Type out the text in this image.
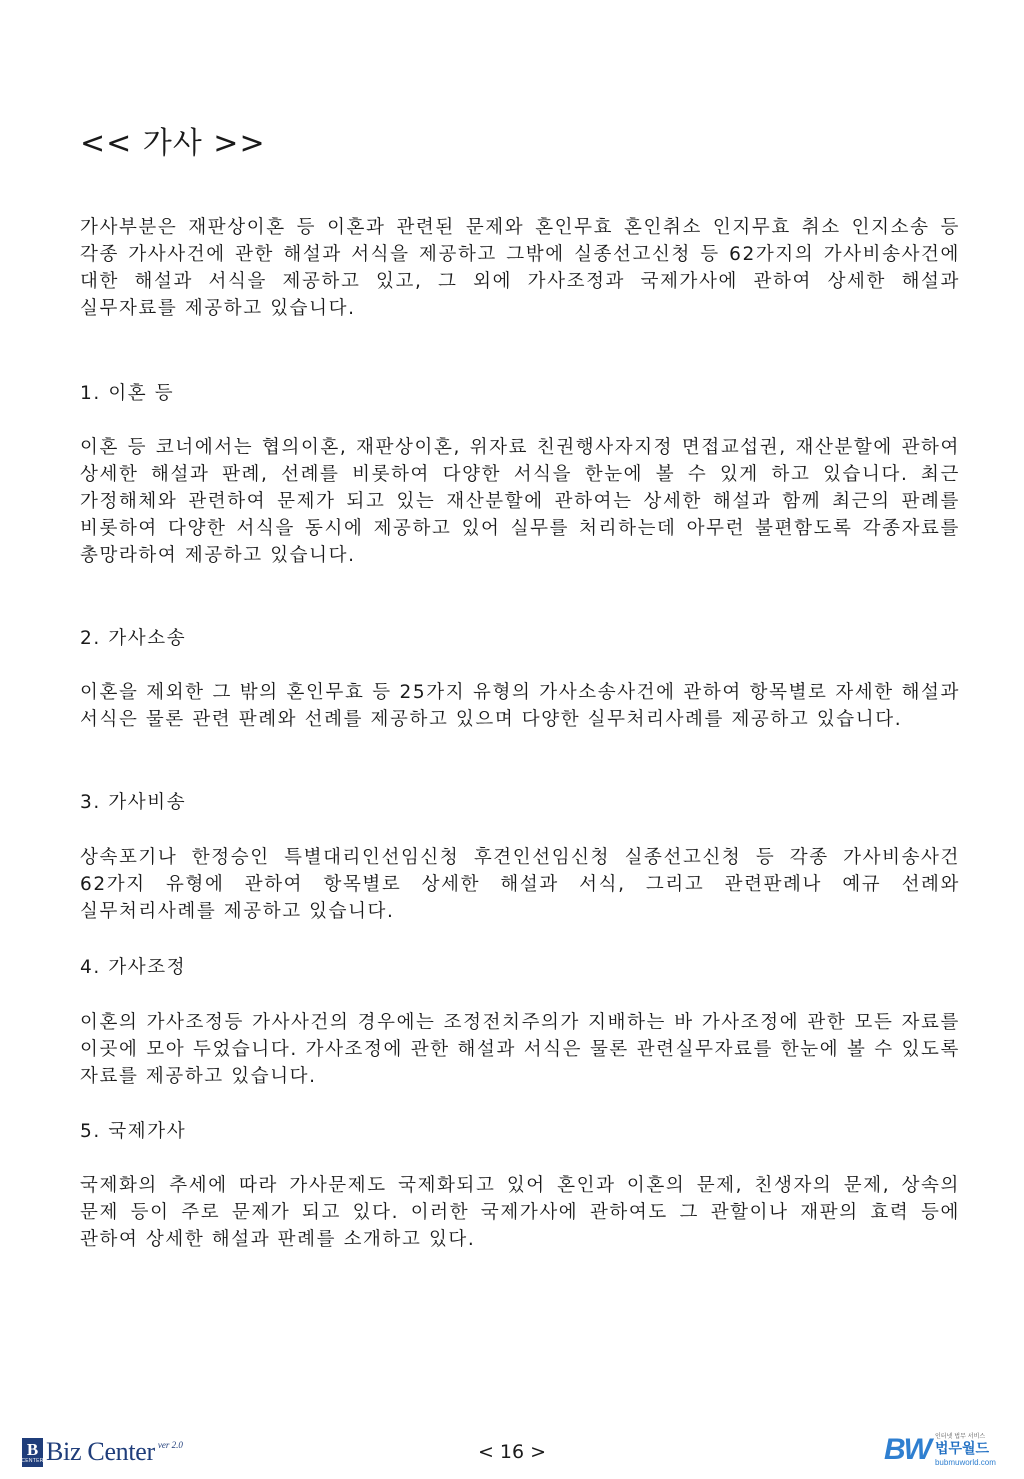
<< 가사 >>

가사부분은 재판상이혼 등 이혼과 관련된 문제와 혼인무효 혼인취소 인지무효 취소 인지소송 등 각종 가사사건에 관한 해설과 서식을 제공하고 그밖에 실종선고신청 등 62가지의 가사비송사건에 대한 해설과 서식을 제공하고 있고, 그 외에 가사조정과 국제가사에 관하여 상세한 해설과 실무자료를 제공하고 있습니다.

1. 이혼 등

이혼 등 코너에서는 협의이혼, 재판상이혼, 위자료 친권행사자지정 면접교섭권, 재산분할에 관하여 상세한 해설과 판례, 선례를 비롯하여 다양한 서식을 한눈에 볼 수 있게 하고 있습니다. 최근 가정해체와 관련하여 문제가 되고 있는 재산분할에 관하여는 상세한 해설과 함께 최근의 판례를 비롯하여 다양한 서식을 동시에 제공하고 있어 실무를 처리하는데 아무런 불편함도록 각종자료를 총망라하여 제공하고 있습니다.

2. 가사소송

이혼을 제외한 그 밖의 혼인무효 등 25가지 유형의 가사소송사건에 관하여 항목별로 자세한 해설과 서식은 물론 관련 판례와 선례를 제공하고 있으며 다양한 실무처리사례를 제공하고 있습니다.

3. 가사비송

상속포기나 한정승인 특별대리인선임신청 후견인선임신청 실종선고신청 등 각종 가사비송사건 62가지 유형에 관하여 항목별로 상세한 해설과 서식, 그리고 관련판례나 예규 선례와 실무처리사례를 제공하고 있습니다.

4. 가사조정

이혼의 가사조정등 가사사건의 경우에는 조정전치주의가 지배하는 바 가사조정에 관한 모든 자료를 이곳에 모아 두었습니다. 가사조정에 관한 해설과 서식은 물론 관련실무자료를 한눈에 볼 수 있도록 자료를 제공하고 있습니다.

5. 국제가사

국제화의 추세에 따라 가사문제도 국제화되고 있어 혼인과 이혼의 문제, 친생자의 문제, 상속의 문제 등이 주로 문제가 되고 있다. 이러한 국제가사에 관하여도 그 관할이나 재판의 효력 등에 관하여 상세한 해설과 판례를 소개하고 있다.

B
CENTER Biz Center ver 2.0	< 16 >	BW 인터넷 법무 서비스
법무월드
bubmuworld.com
